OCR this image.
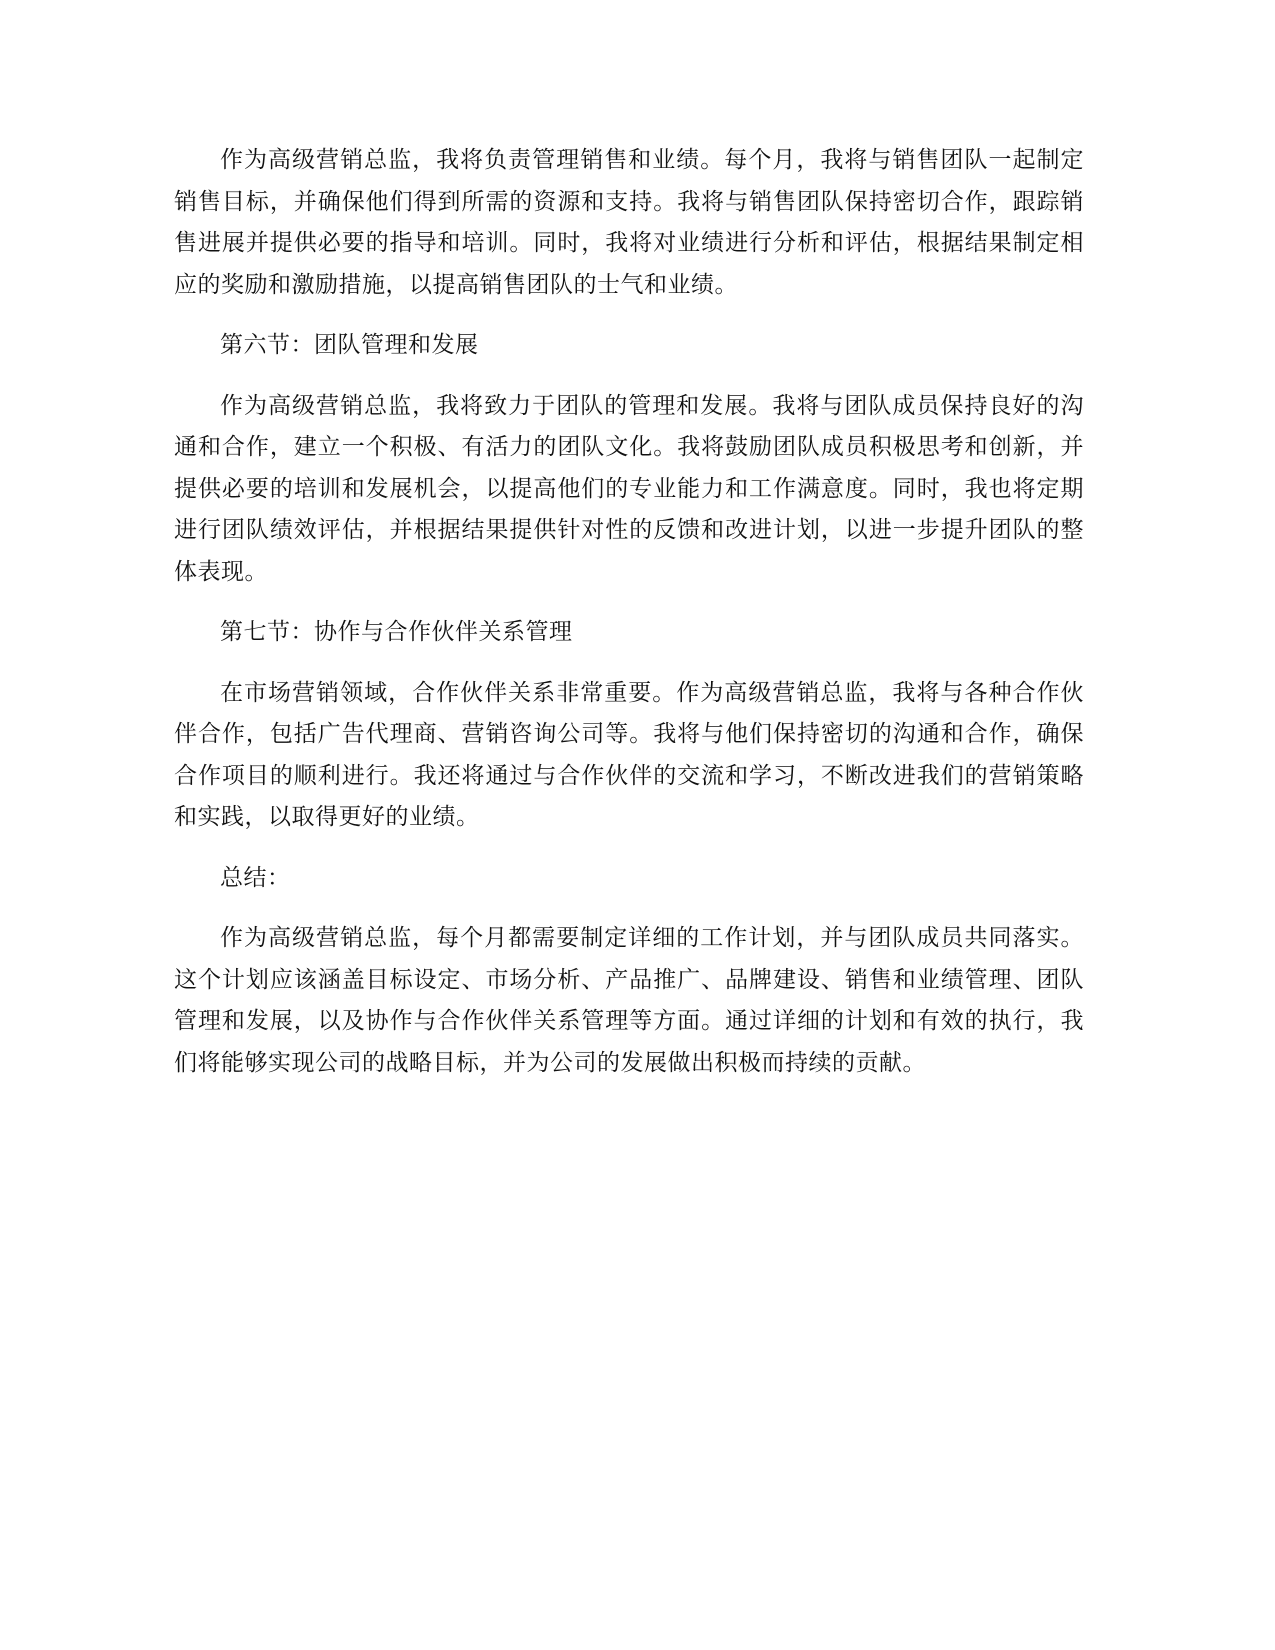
作为高级营销总监，我将负责管理销售和业绩。每个月，我将与销售团队一起制定销售目标，并确保他们得到所需的资源和支持。我将与销售团队保持密切合作，跟踪销售进展并提供必要的指导和培训。同时，我将对业绩进行分析和评估，根据结果制定相应的奖励和激励措施，以提高销售团队的士气和业绩。

第六节：团队管理和发展

作为高级营销总监，我将致力于团队的管理和发展。我将与团队成员保持良好的沟通和合作，建立一个积极、有活力的团队文化。我将鼓励团队成员积极思考和创新，并提供必要的培训和发展机会，以提高他们的专业能力和工作满意度。同时，我也将定期进行团队绩效评估，并根据结果提供针对性的反馈和改进计划，以进一步提升团队的整体表现。

第七节：协作与合作伙伴关系管理

在市场营销领域，合作伙伴关系非常重要。作为高级营销总监，我将与各种合作伙伴合作，包括广告代理商、营销咨询公司等。我将与他们保持密切的沟通和合作，确保合作项目的顺利进行。我还将通过与合作伙伴的交流和学习，不断改进我们的营销策略和实践，以取得更好的业绩。

总结：

作为高级营销总监，每个月都需要制定详细的工作计划，并与团队成员共同落实。这个计划应该涵盖目标设定、市场分析、产品推广、品牌建设、销售和业绩管理、团队管理和发展，以及协作与合作伙伴关系管理等方面。通过详细的计划和有效的执行，我们将能够实现公司的战略目标，并为公司的发展做出积极而持续的贡献。
